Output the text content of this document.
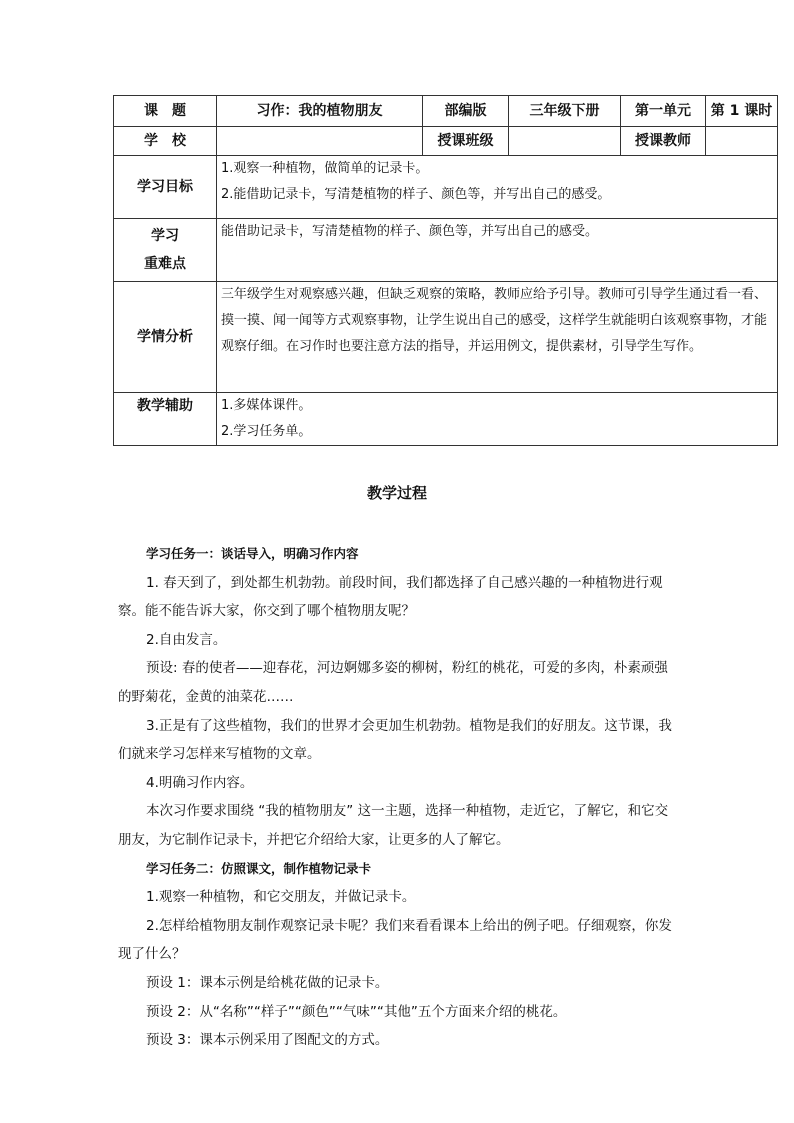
课　题	习作：我的植物朋友	部编版	三年级下册	第一单元	第 1 课时
学　校		授课班级		授课教师	
学习目标	1.观察一种植物，做简单的记录卡。
2.能借助记录卡，写清楚植物的样子、颜色等，并写出自己的感受。				

学习
重难点	能借助记录卡，写清楚植物的样子、颜色等，并写出自己的感受。				
学情分析	三年级学生对观察感兴趣，但缺乏观察的策略，教师应给予引导。教师可引导学生通过看一看、摸一摸、闻一闻等方式观察事物，让学生说出自己的感受，这样学生就能明白该观察事物，才能观察仔细。在习作时也要注意方法的指导，并运用例文，提供素材，引导学生写作。				
教学辅助	1.多媒体课件。
2.学习任务单。				
教学过程

学习任务一：谈话导入，明确习作内容

1. 春天到了，到处都生机勃勃。前段时间，我们都选择了自己感兴趣的一种植物进行观察。能不能告诉大家，你交到了哪个植物朋友呢？

2.自由发言。

预设: 春的使者——迎春花，河边婀娜多姿的柳树，粉红的桃花，可爱的多肉，朴素顽强的野菊花，金黄的油菜花……

3.正是有了这些植物，我们的世界才会更加生机勃勃。植物是我们的好朋友。这节课，我们就来学习怎样来写植物的文章。

4.明确习作内容。

本次习作要求围绕 “我的植物朋友” 这一主题，选择一种植物，走近它，了解它，和它交朋友，为它制作记录卡，并把它介绍给大家，让更多的人了解它。

学习任务二：仿照课文，制作植物记录卡

1.观察一种植物，和它交朋友，并做记录卡。

2.怎样给植物朋友制作观察记录卡呢？我们来看看课本上给出的例子吧。仔细观察，你发现了什么？

预设 1：课本示例是给桃花做的记录卡。

预设 2：从“名称”“样子”“颜色”“气味”“其他”五个方面来介绍的桃花。

预设 3：课本示例采用了图配文的方式。
